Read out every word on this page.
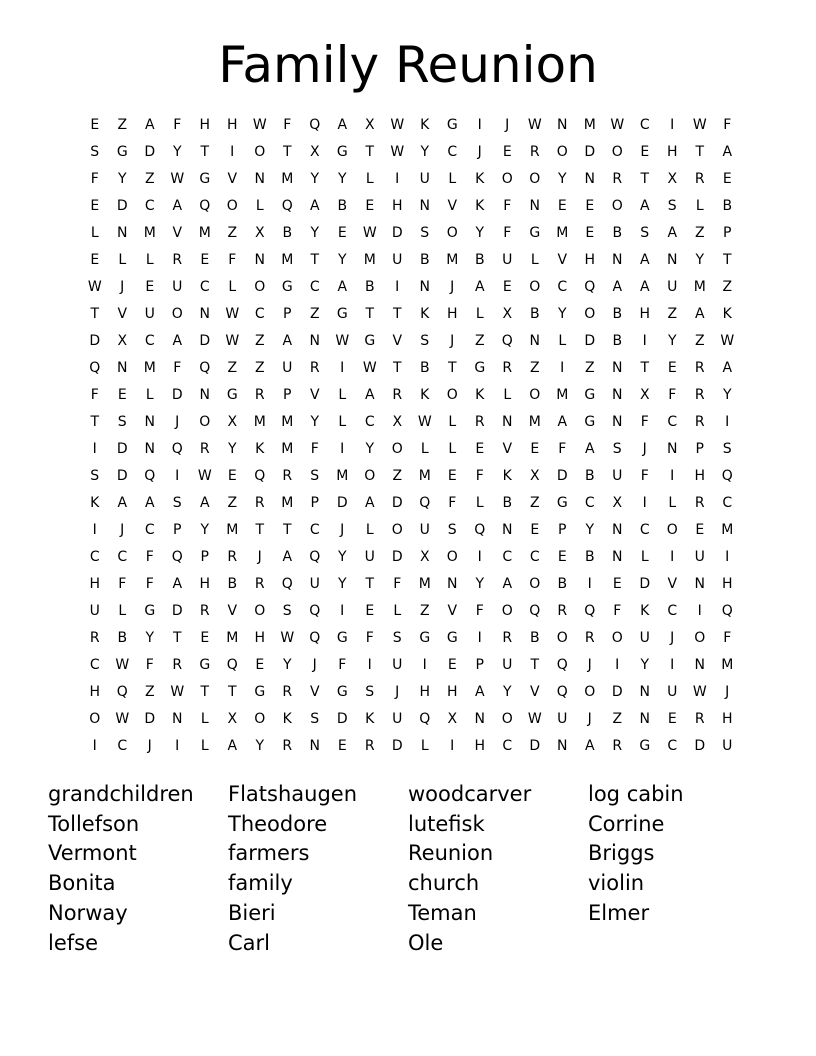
Family Reunion
E	Z	A	F	H	H	W	F	Q	A	X	W	K	G	I	J	W	N	M	W	C	I	W	F
S	G	D	Y	T	I	O	T	X	G	T	W	Y	C	J	E	R	O	D	O	E	H	T	A
F	Y	Z	W	G	V	N	M	Y	Y	L	I	U	L	K	O	O	Y	N	R	T	X	R	E
E	D	C	A	Q	O	L	Q	A	B	E	H	N	V	K	F	N	E	E	O	A	S	L	B
L	N	M	V	M	Z	X	B	Y	E	W	D	S	O	Y	F	G	M	E	B	S	A	Z	P
E	L	L	R	E	F	N	M	T	Y	M	U	B	M	B	U	L	V	H	N	A	N	Y	T
W	J	E	U	C	L	O	G	C	A	B	I	N	J	A	E	O	C	Q	A	A	U	M	Z
T	V	U	O	N	W	C	P	Z	G	T	T	K	H	L	X	B	Y	O	B	H	Z	A	K
D	X	C	A	D	W	Z	A	N	W	G	V	S	J	Z	Q	N	L	D	B	I	Y	Z	W
Q	N	M	F	Q	Z	Z	U	R	I	W	T	B	T	G	R	Z	I	Z	N	T	E	R	A
F	E	L	D	N	G	R	P	V	L	A	R	K	O	K	L	O	M	G	N	X	F	R	Y
T	S	N	J	O	X	M	M	Y	L	C	X	W	L	R	N	M	A	G	N	F	C	R	I
I	D	N	Q	R	Y	K	M	F	I	Y	O	L	L	E	V	E	F	A	S	J	N	P	S
S	D	Q	I	W	E	Q	R	S	M	O	Z	M	E	F	K	X	D	B	U	F	I	H	Q
K	A	A	S	A	Z	R	M	P	D	A	D	Q	F	L	B	Z	G	C	X	I	L	R	C
I	J	C	P	Y	M	T	T	C	J	L	O	U	S	Q	N	E	P	Y	N	C	O	E	M
C	C	F	Q	P	R	J	A	Q	Y	U	D	X	O	I	C	C	E	B	N	L	I	U	I
H	F	F	A	H	B	R	Q	U	Y	T	F	M	N	Y	A	O	B	I	E	D	V	N	H
U	L	G	D	R	V	O	S	Q	I	E	L	Z	V	F	O	Q	R	Q	F	K	C	I	Q
R	B	Y	T	E	M	H	W	Q	G	F	S	G	G	I	R	B	O	R	O	U	J	O	F
C	W	F	R	G	Q	E	Y	J	F	I	U	I	E	P	U	T	Q	J	I	Y	I	N	M
H	Q	Z	W	T	T	G	R	V	G	S	J	H	H	A	Y	V	Q	O	D	N	U	W	J
O	W	D	N	L	X	O	K	S	D	K	U	Q	X	N	O	W	U	J	Z	N	E	R	H
I	C	J	I	L	A	Y	R	N	E	R	D	L	I	H	C	D	N	A	R	G	C	D	U
grandchildren	Flatshaugen	woodcarver	log cabin
Tollefson	Theodore	lutefisk	Corrine
Vermont	farmers	Reunion	Briggs
Bonita	family	church	violin
Norway	Bieri	Teman	Elmer
lefse	Carl	Ole
